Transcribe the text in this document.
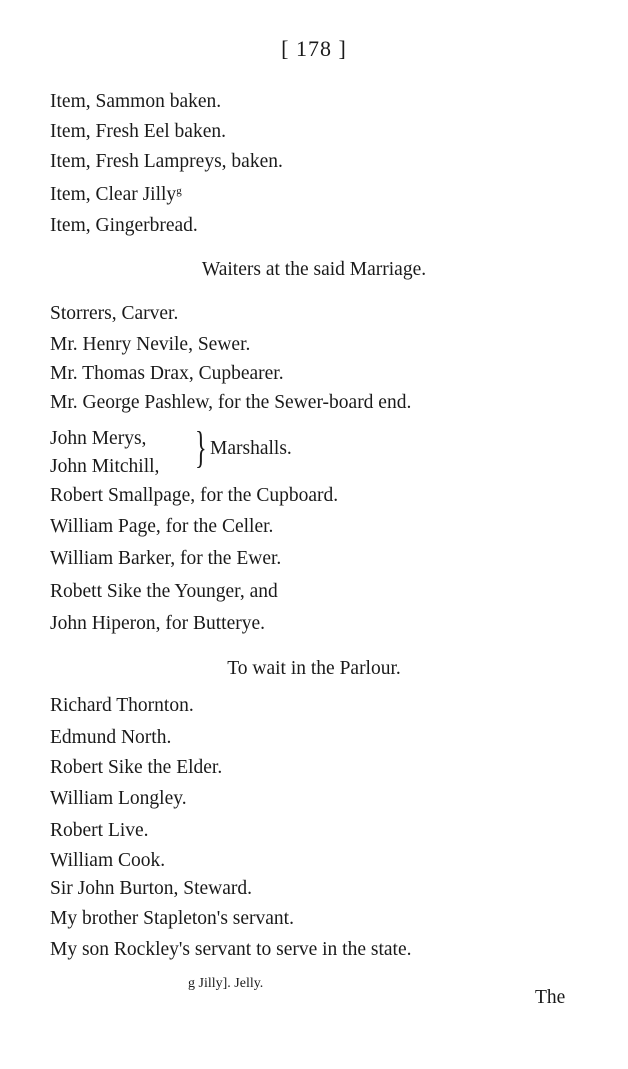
[ 178 ]
Item, Sammon baken.
Item, Fresh Eel baken.
Item, Fresh Lampreys, baken.
Item, Clear Jilly$^g$
Item, Gingerbread.
Waiters at the said Marriage.
Storrers, Carver.
Mr. Henry Nevile, Sewer.
Mr. Thomas Drax, Cupbearer.
Mr. George Pashlew, for the Sewer-board end.
John Merys,
John Mitchill, } Marshalls.
Robert Smallpage, for the Cupboard.
William Page, for the Celler.
William Barker, for the Ewer.
Robett Sike the Younger, and
John Hiperon, for Butterye.
To wait in the Parlour.
Richard Thornton.
Edmund North.
Robert Sike the Elder.
William Longley.
Robert Live.
William Cook.
Sir John Burton, Steward.
My brother Stapleton's servant.
My son Rockley's servant to serve in the state.
g Jilly]. Jelly.
The
